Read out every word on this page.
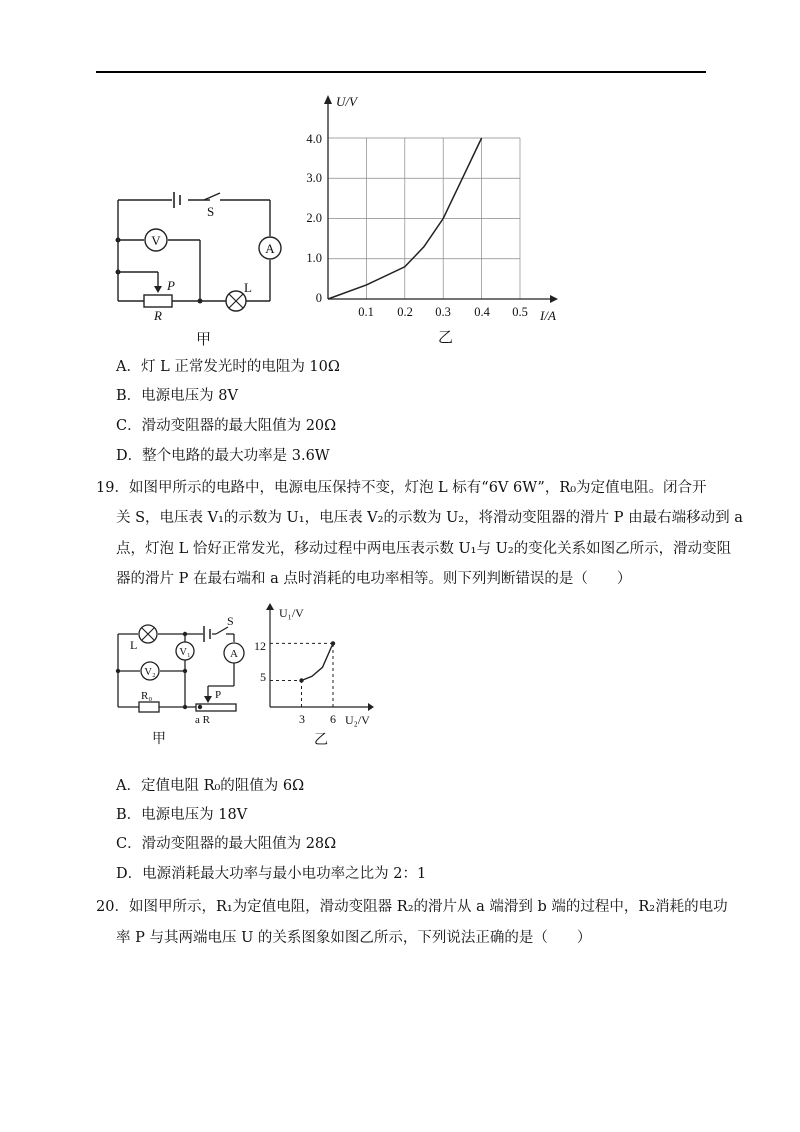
V
A
S
L
P
R
甲
U/V
I/A
4.0
3.0
2.0
1.0
0
0.1 0.2 0.3 0.4 0.5
乙
A．灯 L 正常发光时的电阻为 10Ω
B．电源电压为 8V
C．滑动变阻器的最大阻值为 20Ω
D．整个电路的最大功率是 3.6W
19．如图甲所示的电路中，电源电压保持不变，灯泡 L 标有“6V 6W”，R₀为定值电阻。闭合开
关 S，电压表 V₁的示数为 U₁，电压表 V₂的示数为 U₂，将滑动变阻器的滑片 P 由最右端移动到 a
点，灯泡 L 恰好正常发光，移动过程中两电压表示数 U₁与 U₂的变化关系如图乙所示，滑动变阻
器的滑片 P 在最右端和 a 点时消耗的电功率相等。则下列判断错误的是（　　）
L
S
V₁
V₂
A
R₀	P
a R
甲
U₁/V
U₂/V
12
5
3 6
乙
A．定值电阻 R₀的阻值为 6Ω
B．电源电压为 18V
C．滑动变阻器的最大阻值为 28Ω
D．电源消耗最大功率与最小电功率之比为 2：1
20．如图甲所示，R₁为定值电阻，滑动变阻器 R₂的滑片从 a 端滑到 b 端的过程中，R₂消耗的电功
率 P 与其两端电压 U 的关系图象如图乙所示，下列说法正确的是（　　）
